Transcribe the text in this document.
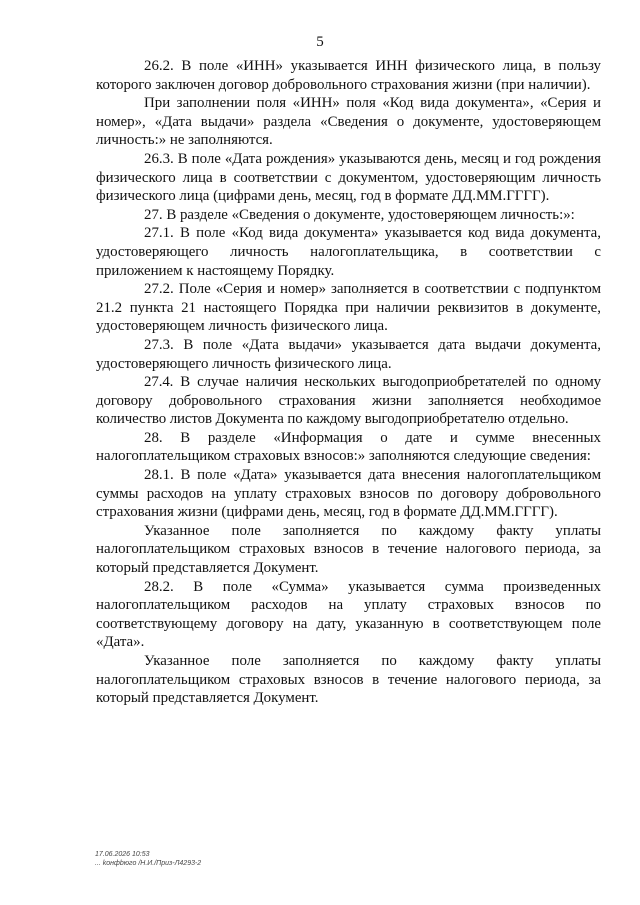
5

26.2. В поле «ИНН» указывается ИНН физического лица, в пользу которого заключен договор добровольного страхования жизни (при наличии).

При заполнении поля «ИНН» поля «Код вида документа», «Серия и номер», «Дата выдачи» раздела «Сведения о документе, удостоверяющем личность:» не заполняются.

26.3. В поле «Дата рождения» указываются день, месяц и год рождения физического лица в соответствии с документом, удостоверяющим личность физического лица (цифрами день, месяц, год в формате ДД.ММ.ГГГГ).

27. В разделе «Сведения о документе, удостоверяющем личность:»:

27.1. В поле «Код вида документа» указывается код вида документа, удостоверяющего личность налогоплательщика, в соответствии с приложением к настоящему Порядку.

27.2. Поле «Серия и номер» заполняется в соответствии с подпунктом 21.2 пункта 21 настоящего Порядка при наличии реквизитов в документе, удостоверяющем личность физического лица.

27.3. В поле «Дата выдачи» указывается дата выдачи документа, удостоверяющего личность физического лица.

27.4. В случае наличия нескольких выгодоприобретателей по одному договору добровольного страхования жизни заполняется необходимое количество листов Документа по каждому выгодоприобретателю отдельно.

28. В разделе «Информация о дате и сумме внесенных налогоплательщиком страховых взносов:» заполняются следующие сведения:

28.1. В поле «Дата» указывается дата внесения налогоплательщиком суммы расходов на уплату страховых взносов по договору добровольного страхования жизни (цифрами день, месяц, год в формате ДД.ММ.ГГГГ).

Указанное поле заполняется по каждому факту уплаты налогоплательщиком страховых взносов в течение налогового периода, за который представляется Документ.

28.2. В поле «Сумма» указывается сумма произведенных налогоплательщиком расходов на уплату страховых взносов по соответствующему договору на дату, указанную в соответствующем поле «Дата».

Указанное поле заполняется по каждому факту уплаты налогоплательщиком страховых взносов в течение налогового периода, за который представляется Документ.

17.06.2026 10:53
... kонфbюгo /Н.И./Приз-Л4293-2
